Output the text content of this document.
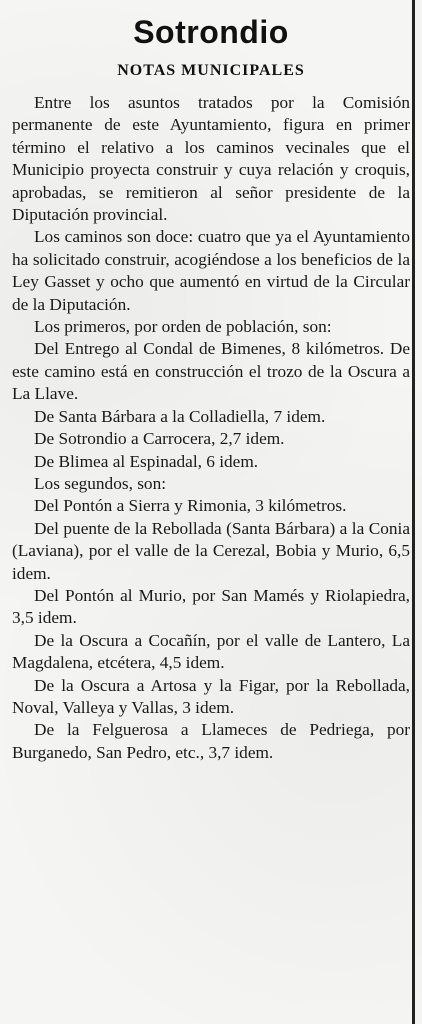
Sotrondio
NOTAS MUNICIPALES

Entre los asuntos tratados por la Comisión permanente de este Ayuntamiento, figura en primer término el relativo a los caminos vecinales que el Municipio proyecta construir y cuya relación y croquis, aprobadas, se remitieron al señor presidente de la Diputación provincial.

Los caminos son doce: cuatro que ya el Ayuntamiento ha solicitado construir, acogiéndose a los beneficios de la Ley Gasset y ocho que aumentó en virtud de la Circular de la Diputación.

Los primeros, por orden de población, son:

Del Entrego al Condal de Bimenes, 8 kilómetros. De este camino está en construcción el trozo de la Oscura a La Llave.

De Santa Bárbara a la Colladiella, 7 idem.

De Sotrondio a Carrocera, 2,7 idem.

De Blimea al Espinadal, 6 idem.

Los segundos, son:

Del Pontón a Sierra y Rimonia, 3 kilómetros.

Del puente de la Rebollada (Santa Bárbara) a la Conia (Laviana), por el valle de la Cerezal, Bobia y Murio, 6,5 idem.

Del Pontón al Murio, por San Mamés y Riolapiedra, 3,5 idem.

De la Oscura a Cocañín, por el valle de Lantero, La Magdalena, etcétera, 4,5 idem.

De la Oscura a Artosa y la Figar, por la Rebollada, Noval, Valleya y Vallas, 3 idem.

De la Felguerosa a Llameces de Pedriega, por Burganedo, San Pedro, etc., 3,7 idem.
